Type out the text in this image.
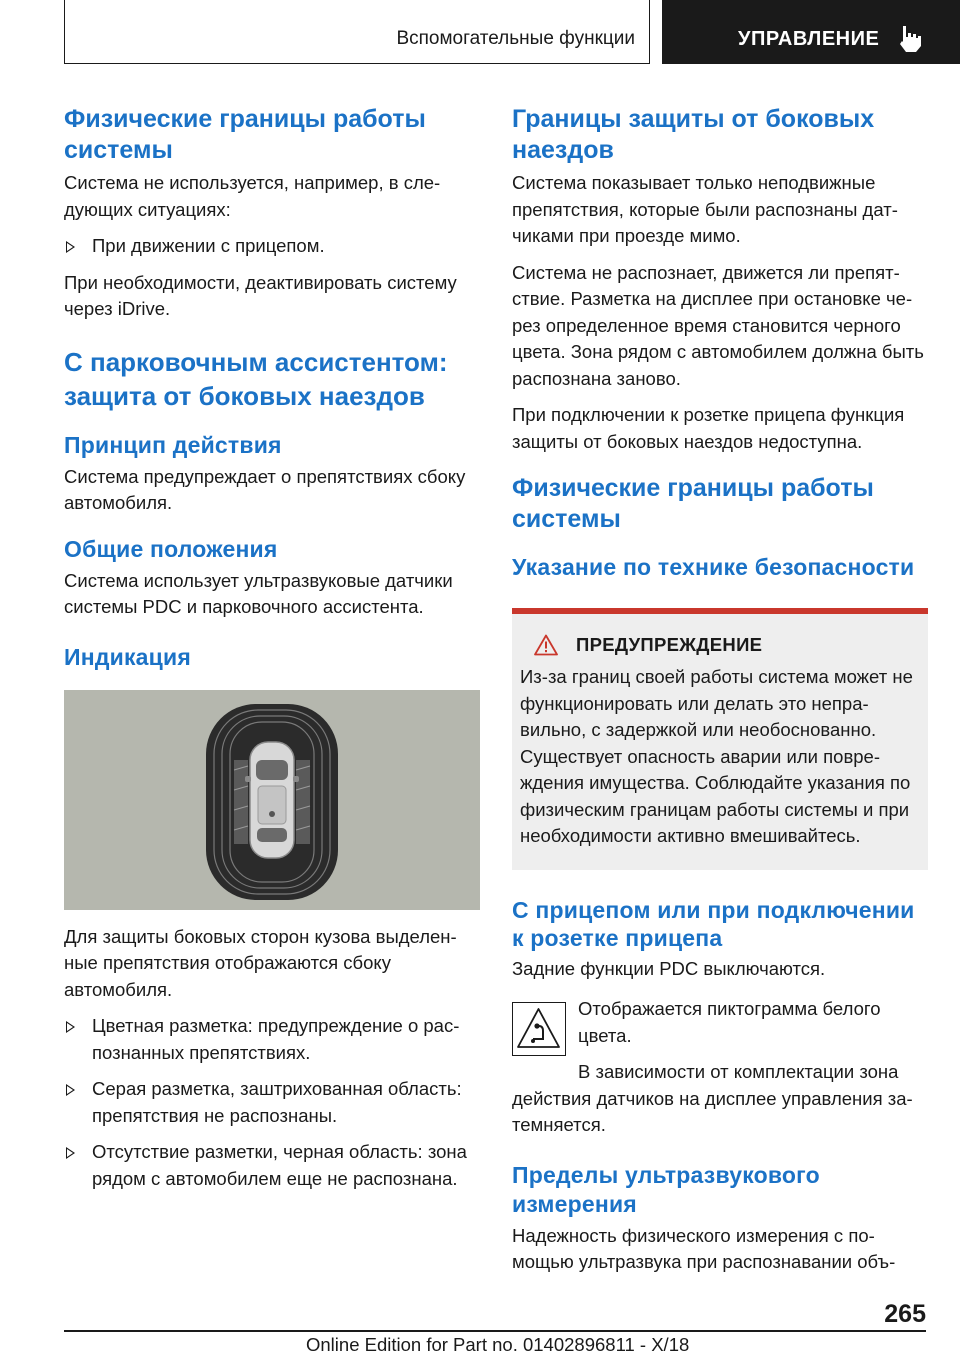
Вспомогательные функции	УПРАВЛЕНИЕ
Физические границы работы системы
Система не используется, например, в сле‐дующих ситуациях:
При движении с прицепом.
При необходимости, деактивировать систему через iDrive.
С парковочным ассистентом: защита от боковых наездов
Принцип действия
Система предупреждает о препятствиях сбоку автомобиля.
Общие положения
Система использует ультразвуковые датчики системы PDC и парковочного ассистента.
Индикация
Для защиты боковых сторон кузова выделен‐ные препятствия отображаются сбоку автомобиля.
Цветная разметка: предупреждение о рас‐познанных препятствиях.
Серая разметка, заштрихованная область: препятствия не распознаны.
Отсутствие разметки, черная область: зона рядом с автомобилем еще не распознана.
Границы защиты от боковых наездов
Система показывает только неподвижные препятствия, которые были распознаны дат‐чиками при проезде мимо.
Система не распознает, движется ли препят‐ствие. Разметка на дисплее при остановке че‐рез определенное время становится черного цвета. Зона рядом с автомобилем должна быть распознана заново.
При подключении к розетке прицепа функция защиты от боковых наездов недоступна.
Физические границы работы системы
Указание по технике безопасности
ПРЕДУПРЕЖДЕНИЕ
Из-за границ своей работы система может не функционировать или делать это непра‐вильно, с задержкой или необоснованно. Существует опасность аварии или повре‐ждения имущества. Соблюдайте указания по физическим границам работы системы и при необходимости активно вмешивайтесь.
С прицепом или при подключении к розетке прицепа
Задние функции PDC выключаются.
Отображается пиктограмма белого цвета.
В зависимости от комплектации зона действия датчиков на дисплее управления за‐темняется.
Пределы ультразвукового измерения
Надежность физического измерения с по‐мощью ультразвука при распознавании объ‐
265
Online Edition for Part no. 01402896811 - X/18
